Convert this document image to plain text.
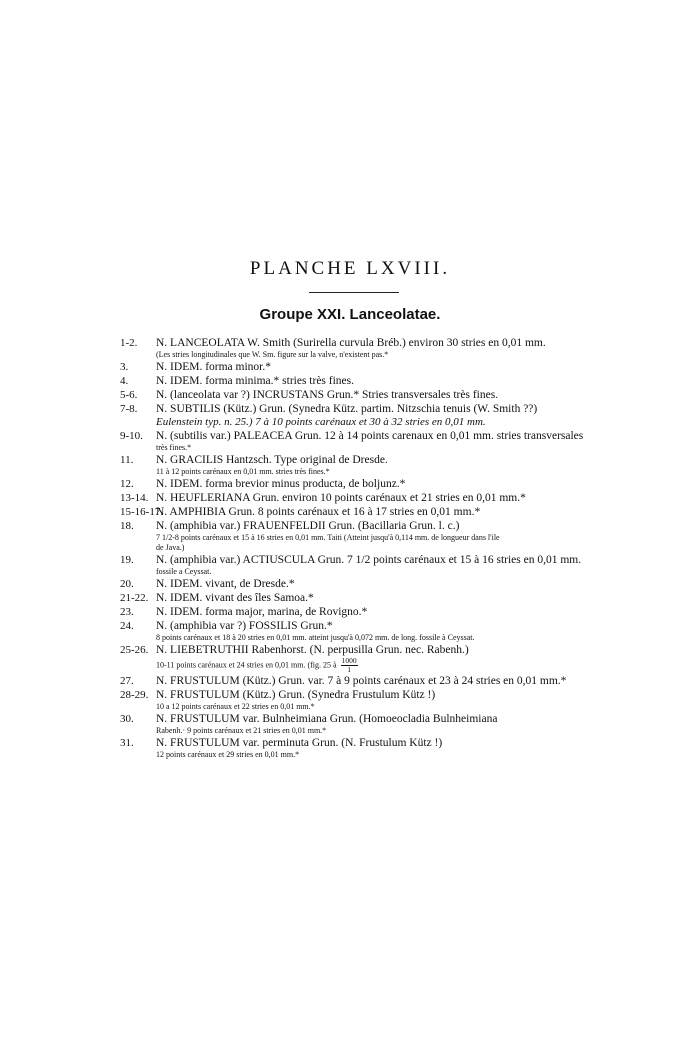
PLANCHE LXVIII.
Groupe XXI. Lanceolatae.
1-2. N. LANCEOLATA W. Smith (Surirella curvula Bréb.) environ 30 stries en 0,01 mm.
(Les stries longitudinales que W. Sm. figure sur la valve, n'existent pas.*
3. N. IDEM. forma minor.*
4. N. IDEM. forma minima.* stries très fines.
5-6. N. (lanceolata var ?) INCRUSTANS Grun.* Stries transversales très fines.
7-8. N. SUBTILIS (Kütz.) Grun. (Synedra Kütz. partim. Nitzschia tenuis (W. Smith ??)
Eulenstein typ. n. 25.) 7 à 10 points carénaux et 30 à 32 stries en 0,01 mm.
9-10. N. (subtilis var.) PALEACEA Grun. 12 à 14 points carenaux en 0,01 mm. stries transversales
très fines.*
11. N. GRACILIS Hantzsch. Type original de Dresde.
11 à 12 points carénaux en 0,01 mm. stries très fines.*
12. N. IDEM. forma brevior minus producta, de boljunz.*
13-14. N. HEUFLERIANA Grun. environ 10 points carénaux et 21 stries en 0,01 mm.*
15-16-17.
N. AMPHIBIA Grun. 8 points carénaux et 16 à 17 stries en 0,01 mm.*
18. N. (amphibia var.) FRAUENFELDII Grun. (Bacillaria Grun. l. c.)
7 1/2-8 points carénaux et 15 à 16 stries en 0,01 mm. Taiti (Atteint jusqu'à 0,114 mm. de longueur dans l'ile
de Java.)
19. N. (amphibia var.) ACTIUSCULA Grun. 7 1/2 points carénaux et 15 à 16 stries en 0,01 mm.
fossile a Ceyssat.
20. N. IDEM. vivant, de Dresde.*
21-22. N. IDEM. vivant des îles Samoa.*
23. N. IDEM. forma major, marina, de Rovigno.*
24. N. (amphibia var ?) FOSSILIS Grun.*
8 points carénaux et 18 à 20 stries en 0,01 mm. atteint jusqu'à 0,072 mm. de long. fossile à Ceyssat.
25-26. N. LIEBETRUTHII Rabenhorst. (N. perpusilla Grun. nec. Rabenh.)
10-11 points carénaux et 24 stries en 0,01 mm. (fig. 25 à $\frac{1000}{1}$
27. N. FRUSTULUM (Kütz.) Grun. var. 7 à 9 points carénaux et 23 à 24 stries en 0,01 mm.*
28-29. N. FRUSTULUM (Kütz.) Grun. (Synedra Frustulum Kütz !)
10 a 12 points carénaux et 22 stries en 0,01 mm.*
30. N. FRUSTULUM var. Bulnheimiana Grun. (Homoeocladia Bulnheimiana
Rabenh.· 9 points carénaux et 21 stries en 0,01 mm.*
31. N. FRUSTULUM var. perminuta Grun. (N. Frustulum Kütz !)
12 points carénaux et 29 stries en 0,01 mm.*
